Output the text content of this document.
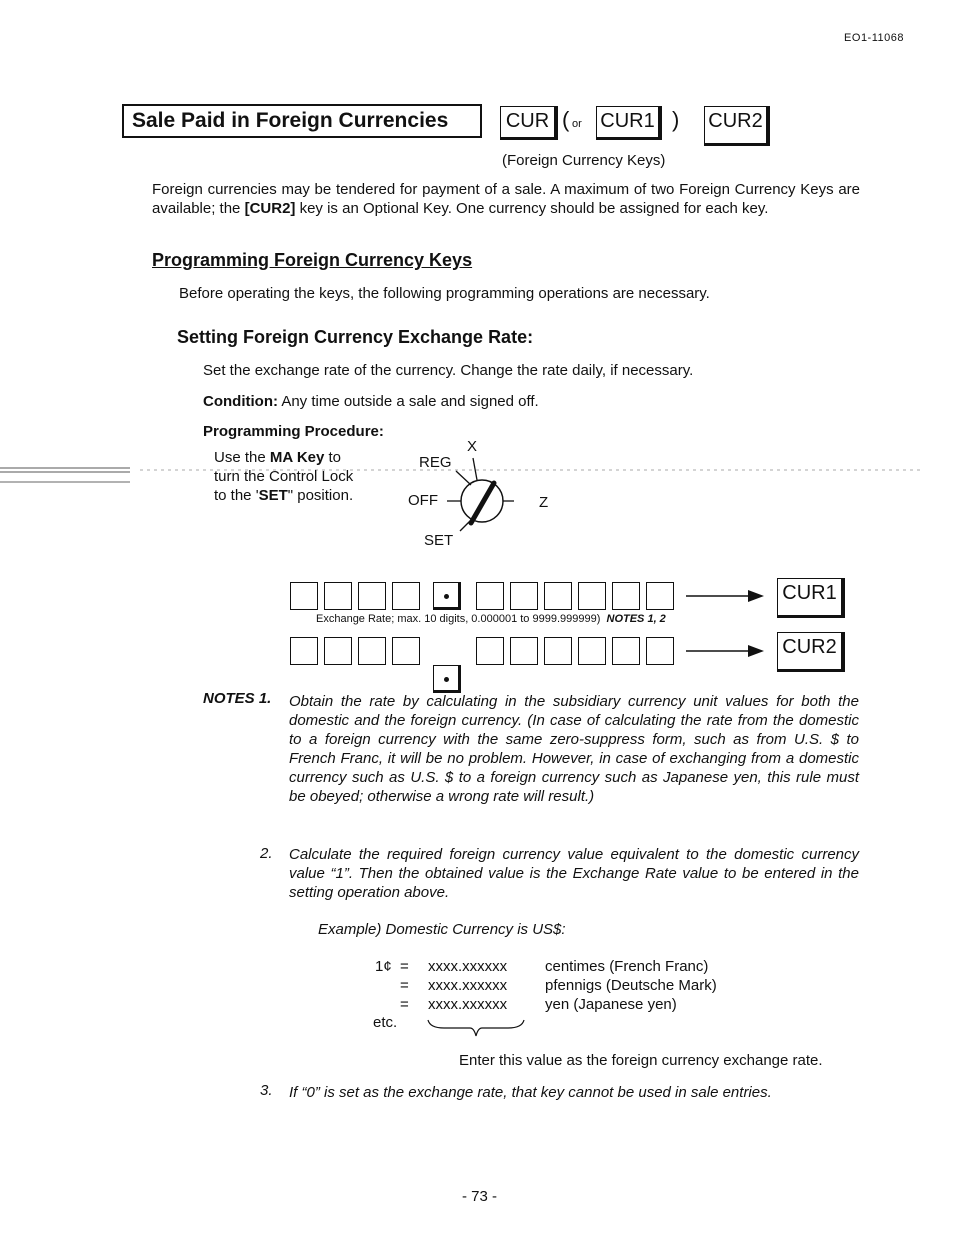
EO1-11068
Sale Paid in Foreign Currencies	CUR ( or CUR1 ) CUR2
(Foreign Currency Keys)
Foreign currencies may be tendered for payment of a sale. A maximum of two Foreign Currency Keys are available; the [CUR2] key is an Optional Key. One currency should be assigned for each key.
Programming Foreign Currency Keys
Before operating the keys, the following programming operations are necessary.
Setting Foreign Currency Exchange Rate:
Set the exchange rate of the currency. Change the rate daily, if necessary.
Condition: Any time outside a sale and signed off.
Programming Procedure:
Use the MA Key to
turn the Control Lock
to the 'SET" position.
REG
X
OFF	Z
SET
CUR1
Exchange Rate; max. 10 digits, 0.000001 to 9999.999999) NOTES 1, 2
CUR2
NOTES 1. Obtain the rate by calculating in the subsidiary currency unit values for both the domestic and the foreign currency. (In case of calculating the rate from the domestic to a foreign currency with the same zero-suppress form, such as from U.S. $ to French Franc, it will be no problem. However, in case of exchanging from a domestic currency such as U.S. $ to a foreign currency such as Japanese yen, this rule must be obeyed; otherwise a wrong rate will result.)
2. Calculate the required foreign currency value equivalent to the domestic currency value “1”. Then the obtained value is the Exchange Rate value to be entered in the setting operation above.
Example) Domestic Currency is US$:
1¢ = xxxx.xxxxxx	centimes (French Franc)
= xxxx.xxxxxx	pfennigs (Deutsche Mark)
= xxxx.xxxxxx	yen (Japanese yen)
etc.
Enter this value as the foreign currency exchange rate.
3. If “0” is set as the exchange rate, that key cannot be used in sale entries.
- 73 -
